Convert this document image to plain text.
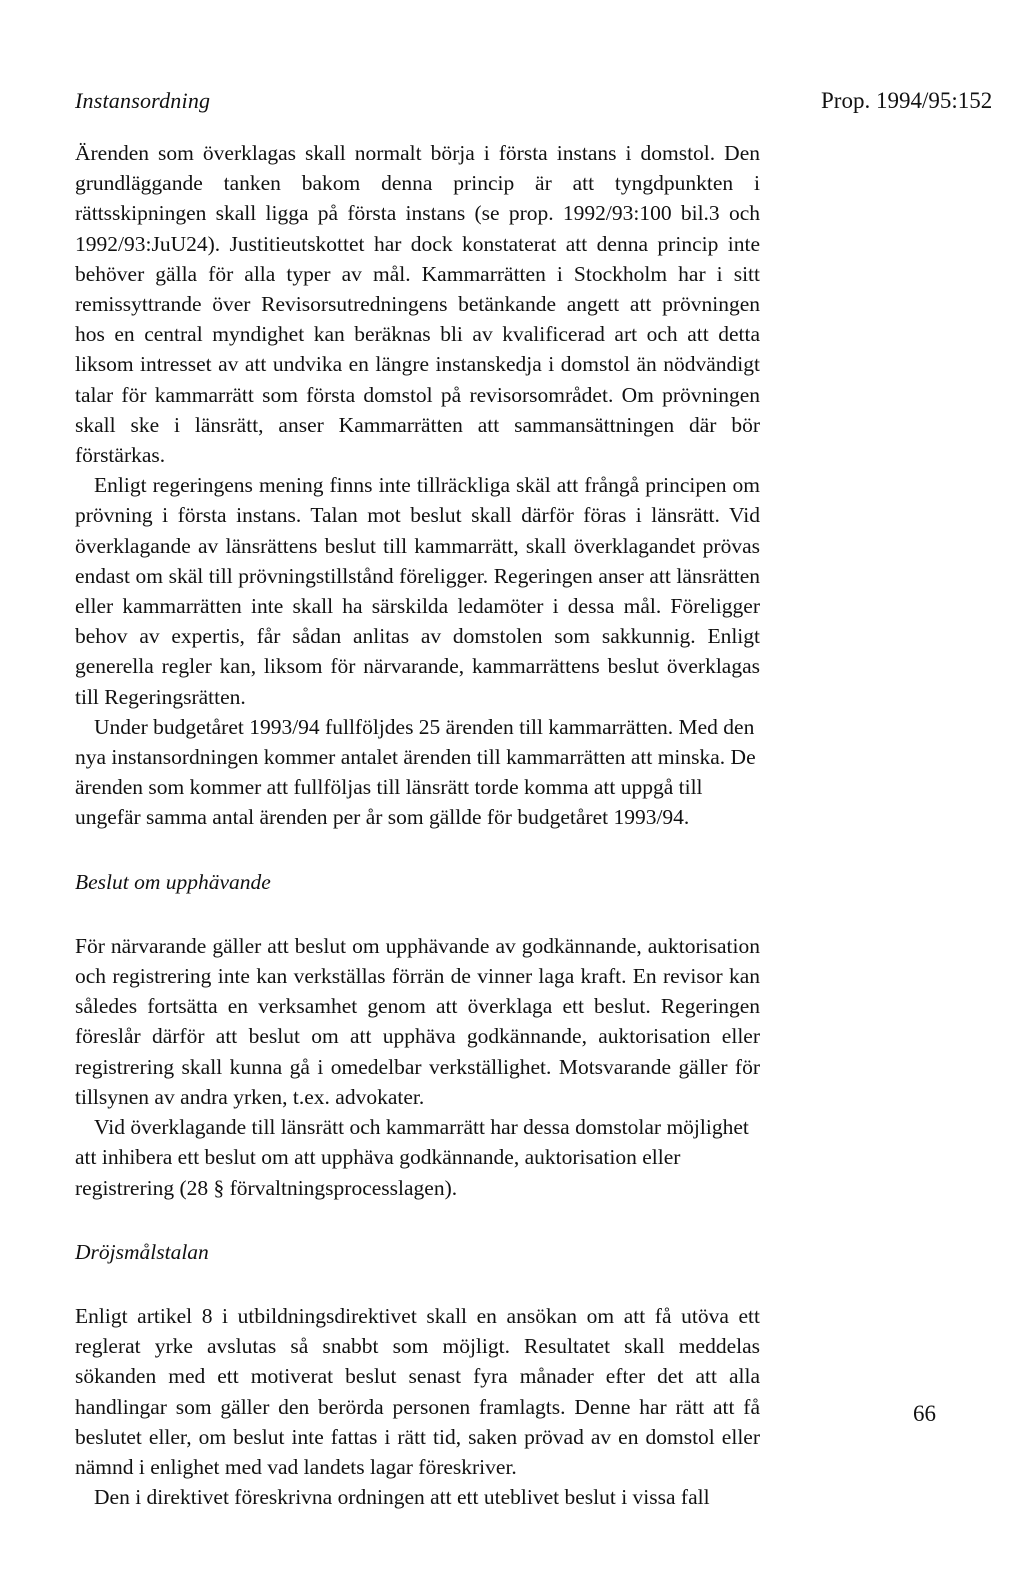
Instansordning	Prop. 1994/95:152

Ärenden som överklagas skall normalt börja i första instans i domstol. Den grundläggande tanken bakom denna princip är att tyngdpunkten i rättsskipningen skall ligga på första instans (se prop. 1992/93:100 bil.3 och 1992/93:JuU24). Justitieutskottet har dock konstaterat att denna princip inte behöver gälla för alla typer av mål. Kammarrätten i Stockholm har i sitt remissyttrande över Revisorsutredningens betänkande angett att prövningen hos en central myndighet kan beräknas bli av kvalificerad art och att detta liksom intresset av att undvika en längre instanskedja i domstol än nödvändigt talar för kammarrätt som första domstol på revisorsområdet. Om prövningen skall ske i länsrätt, anser Kammarrätten att sammansättningen där bör förstärkas.

Enligt regeringens mening finns inte tillräckliga skäl att frångå principen om prövning i första instans. Talan mot beslut skall därför föras i länsrätt. Vid överklagande av länsrättens beslut till kammarrätt, skall överklagandet prövas endast om skäl till prövningstillstånd föreligger. Regeringen anser att länsrätten eller kammarrätten inte skall ha särskilda ledamöter i dessa mål. Föreligger behov av expertis, får sådan anlitas av domstolen som sakkunnig. Enligt generella regler kan, liksom för närvarande, kammarrättens beslut överklagas till Regeringsrätten.

Under budgetåret 1993/94 fullföljdes 25 ärenden till kammarrätten. Med den nya instansordningen kommer antalet ärenden till kammarrätten att minska. De ärenden som kommer att fullföljas till länsrätt torde komma att uppgå till ungefär samma antal ärenden per år som gällde för budgetåret 1993/94.

Beslut om upphävande

För närvarande gäller att beslut om upphävande av godkännande, auktorisation och registrering inte kan verkställas förrän de vinner laga kraft. En revisor kan således fortsätta en verksamhet genom att överklaga ett beslut. Regeringen föreslår därför att beslut om att upphäva godkännande, auktorisation eller registrering skall kunna gå i omedelbar verkställighet. Motsvarande gäller för tillsynen av andra yrken, t.ex. advokater.

Vid överklagande till länsrätt och kammarrätt har dessa domstolar möjlighet att inhibera ett beslut om att upphäva godkännande, auktorisation eller registrering (28 § förvaltningsprocesslagen).

Dröjsmålstalan

Enligt artikel 8 i utbildningsdirektivet skall en ansökan om att få utöva ett reglerat yrke avslutas så snabbt som möjligt. Resultatet skall meddelas sökanden med ett motiverat beslut senast fyra månader efter det att alla handlingar som gäller den berörda personen framlagts. Denne har rätt att få beslutet eller, om beslut inte fattas i rätt tid, saken prövad av en domstol eller nämnd i enlighet med vad landets lagar föreskriver.

Den i direktivet föreskrivna ordningen att ett uteblivet beslut i vissa fall

66
